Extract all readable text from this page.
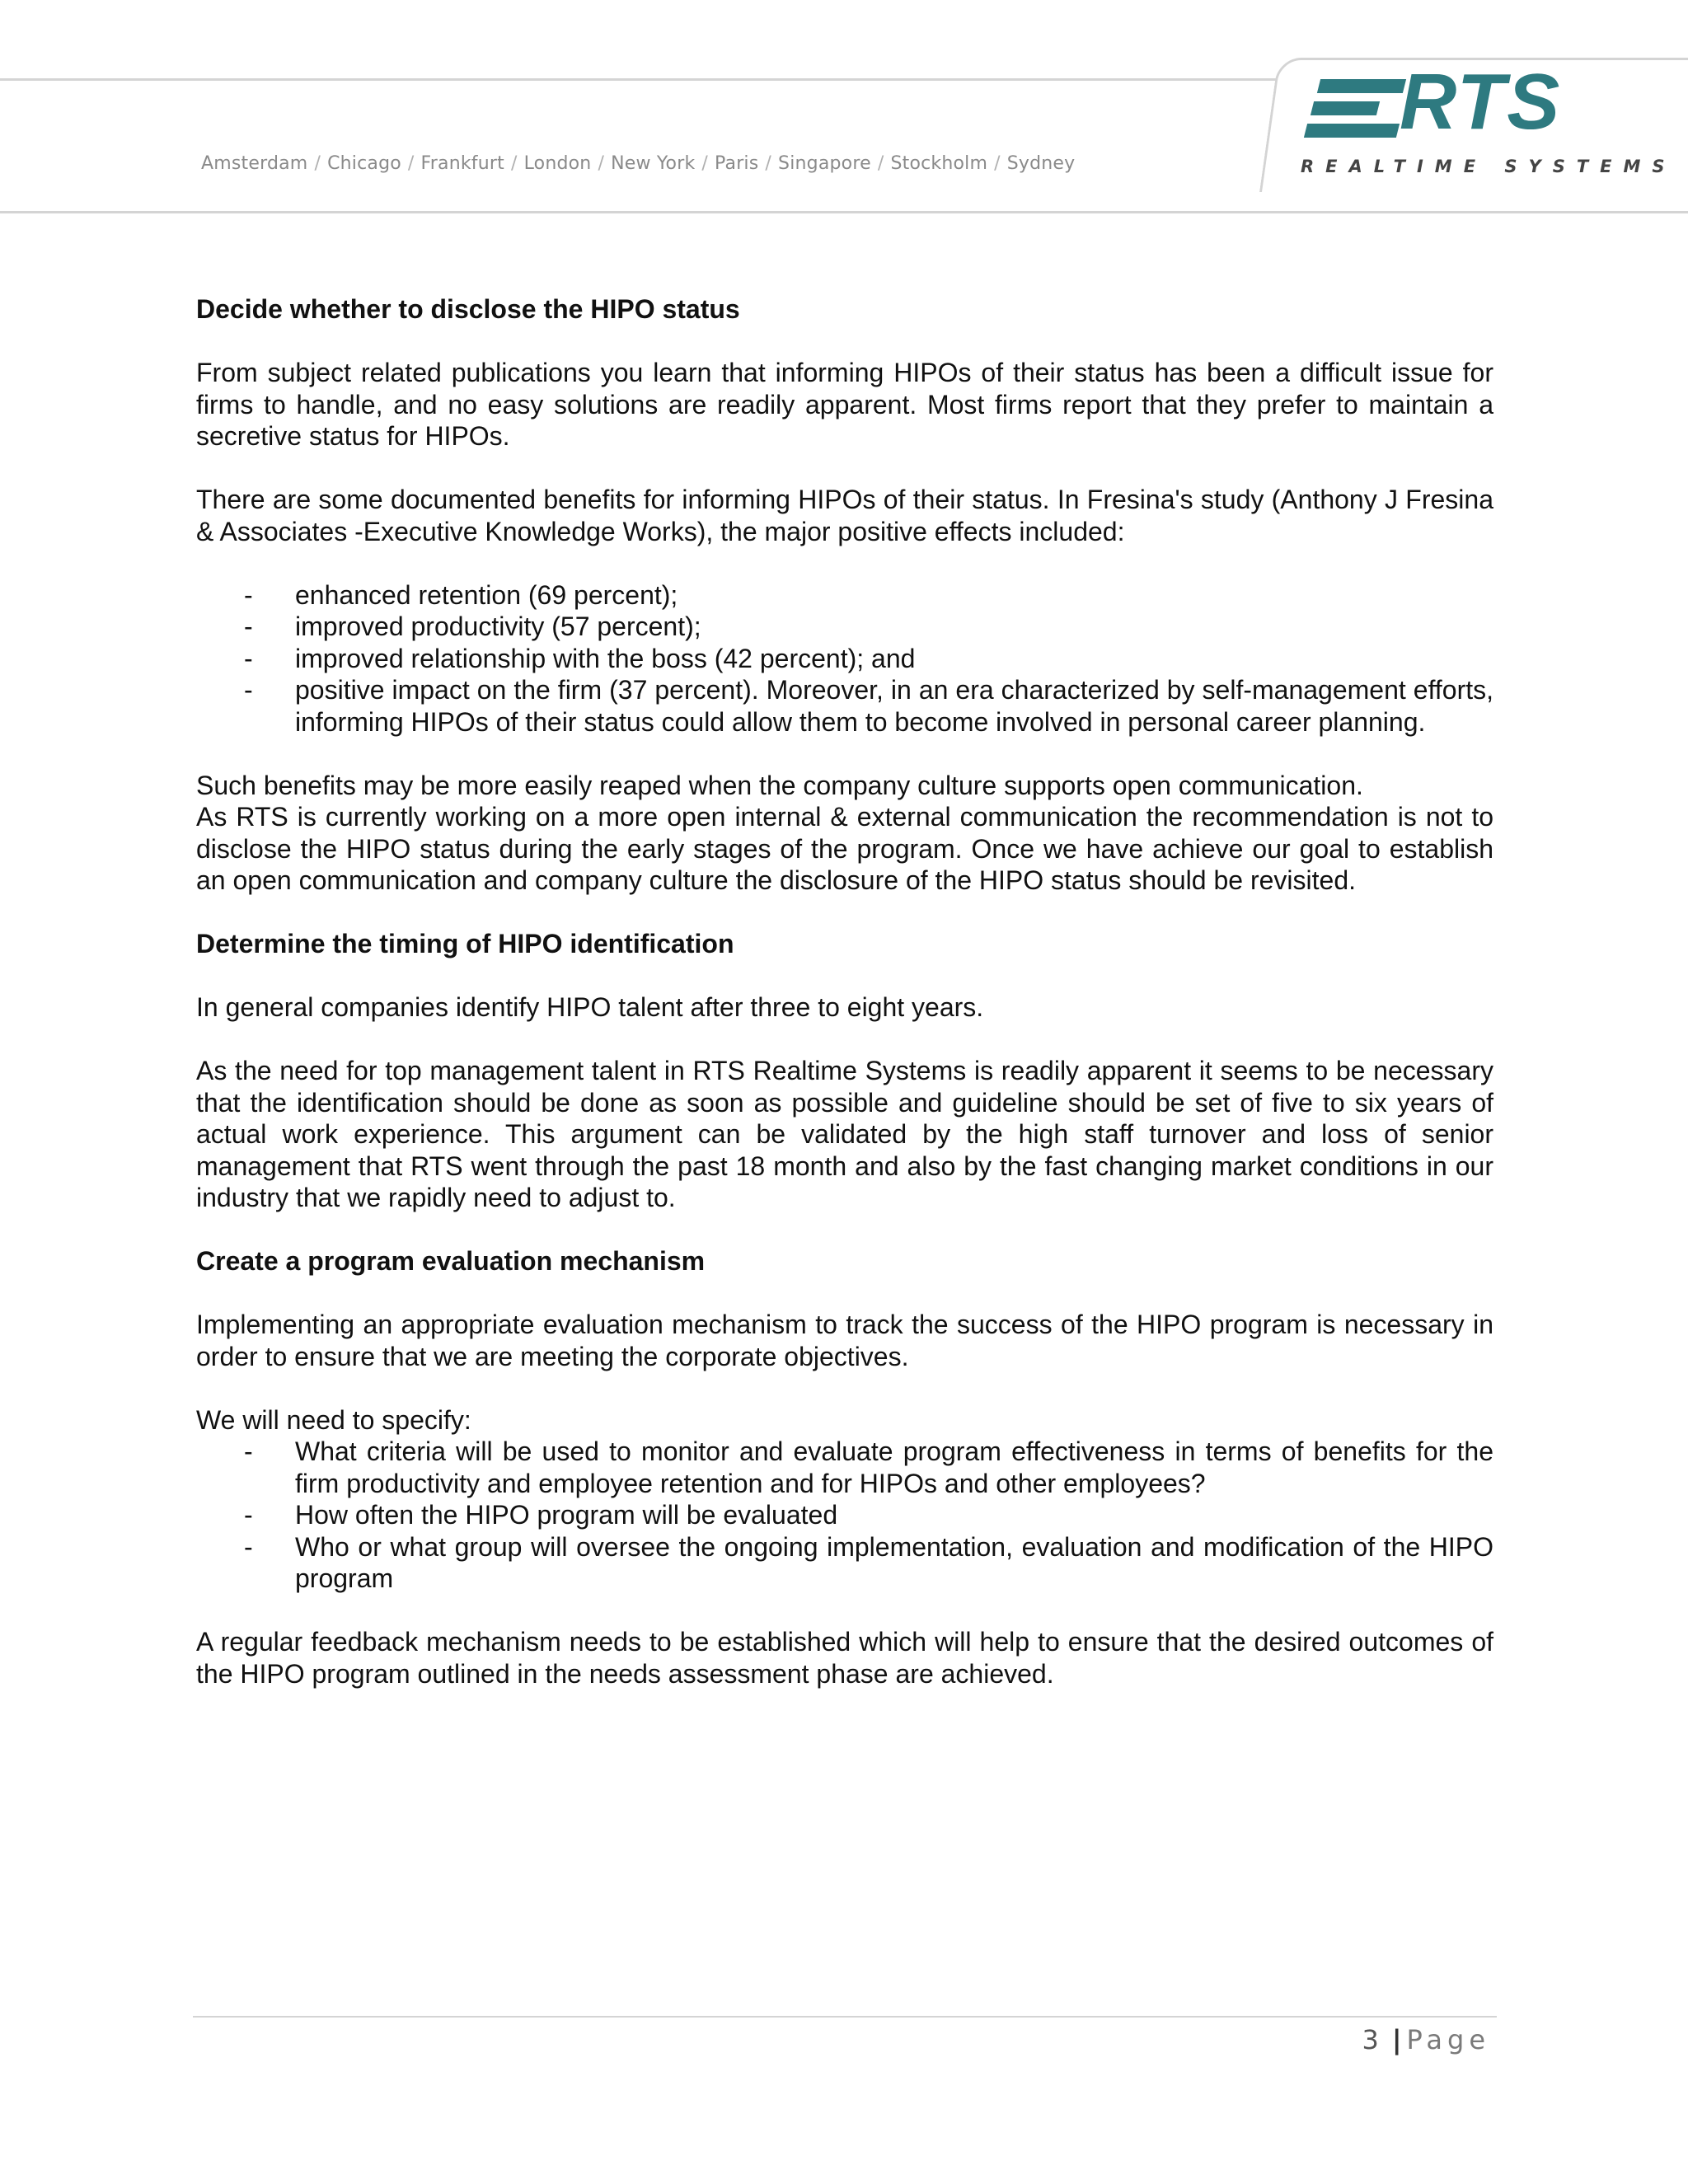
Amsterdam / Chicago / Frankfurt / London / New York / Paris / Singapore / Stockholm / Sydney
RTS
REALTIME SYSTEMS
Decide whether to disclose the HIPO status

From subject related publications you learn that informing HIPOs of their status has been a difficult issue for firms to handle, and no easy solutions are readily apparent. Most firms report that they prefer to maintain a secretive status for HIPOs.

There are some documented benefits for informing HIPOs of their status. In Fresina's study (Anthony J Fresina & Associates -Executive Knowledge Works), the major positive effects included:

- enhanced retention (69 percent);
- improved productivity (57 percent);
- improved relationship with the boss (42 percent); and
- positive impact on the firm (37 percent). Moreover, in an era characterized by self-management efforts, informing HIPOs of their status could allow them to become involved in personal career planning.

Such benefits may be more easily reaped when the company culture supports open communication.

As RTS is currently working on a more open internal & external communication the recommendation is not to disclose the HIPO status during the early stages of the program. Once we have achieve our goal to establish an open communication and company culture the disclosure of the HIPO status should be revisited.

Determine the timing of HIPO identification

In general companies identify HIPO talent after three to eight years.

As the need for top management talent in RTS Realtime Systems is readily apparent it seems to be necessary that the identification should be done as soon as possible and guideline should be set of five to six years of actual work experience. This argument can be validated by the high staff turnover and loss of senior management that RTS went through the past 18 month and also by the fast changing market conditions in our industry that we rapidly need to adjust to.

Create a program evaluation mechanism

Implementing an appropriate evaluation mechanism to track the success of the HIPO program is necessary in order to ensure that we are meeting the corporate objectives.

We will need to specify:

- What criteria will be used to monitor and evaluate program effectiveness in terms of benefits for the firm productivity and employee retention and for HIPOs and other employees?
- How often the HIPO program will be evaluated
- Who or what group will oversee the ongoing implementation, evaluation and modification of the HIPO program

A regular feedback mechanism needs to be established which will help to ensure that the desired outcomes of the HIPO program outlined in the needs assessment phase are achieved.

3 | Page
